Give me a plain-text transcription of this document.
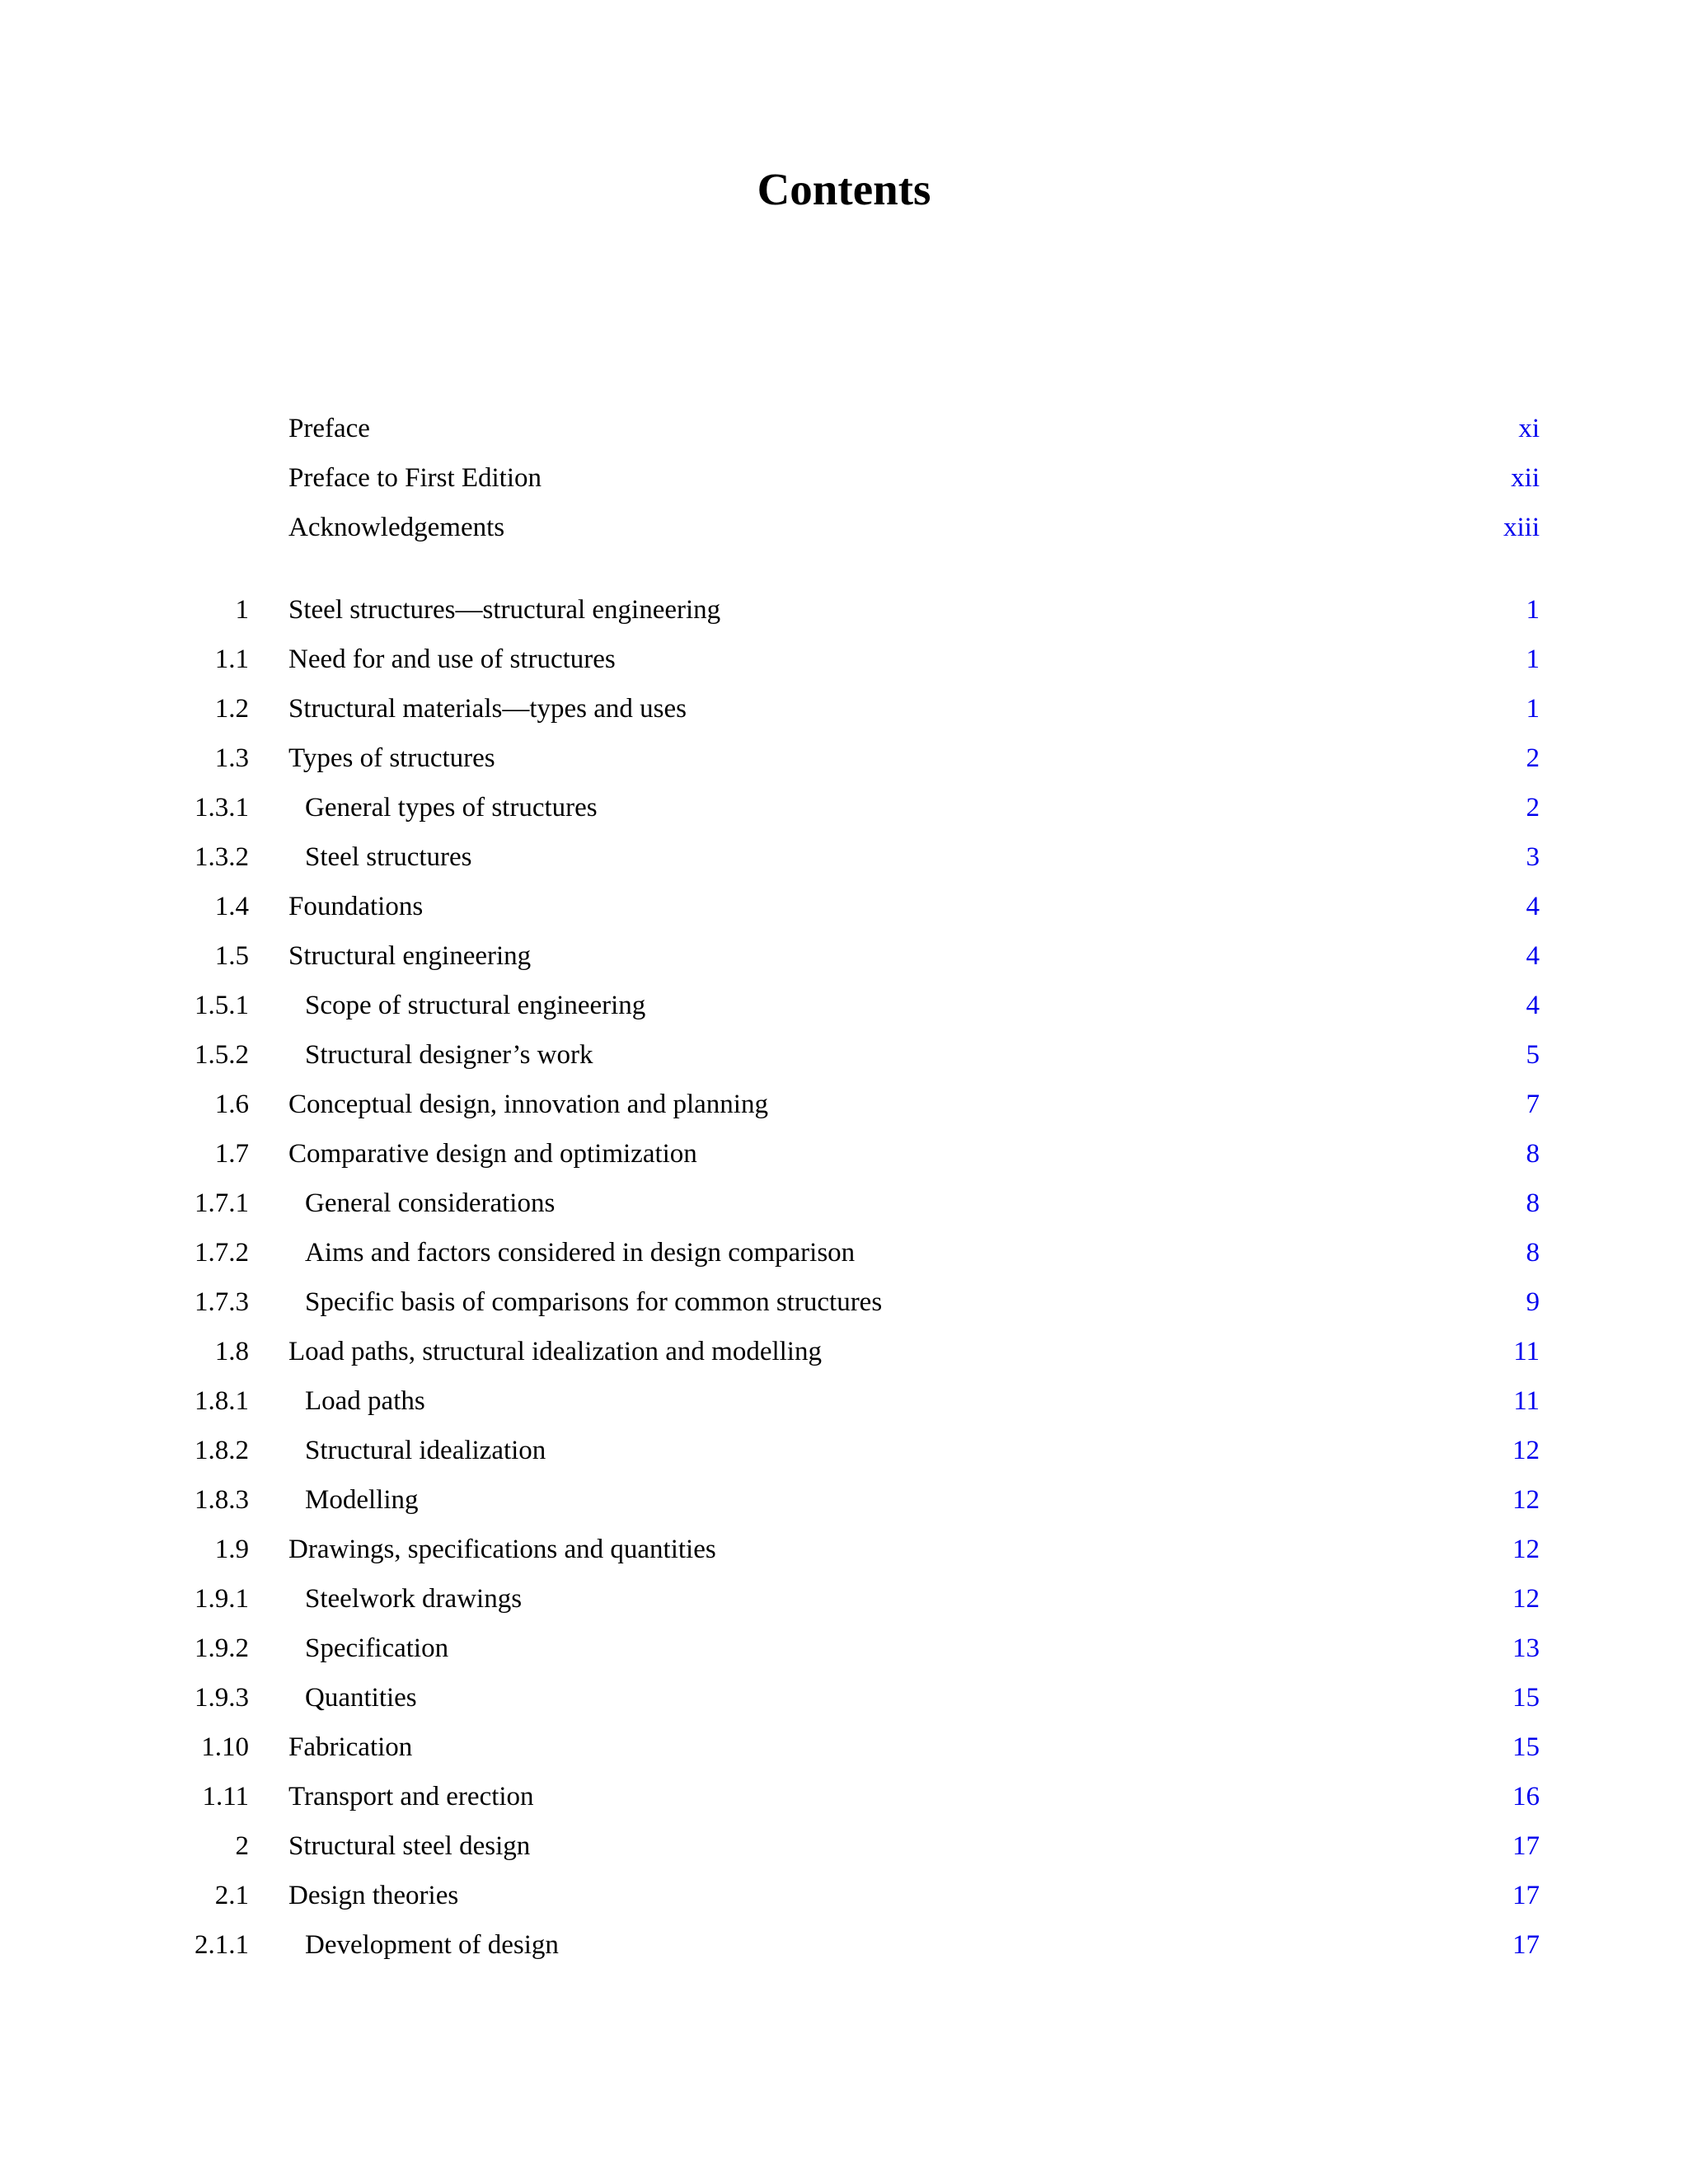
Contents
Preface	xi
Preface to First Edition	xii
Acknowledgements	xiii
1 Steel structures—structural engineering	1
1.1 Need for and use of structures	1
1.2 Structural materials—types and uses	1
1.3 Types of structures	2
1.3.1 General types of structures	2
1.3.2 Steel structures	3
1.4 Foundations	4
1.5 Structural engineering	4
1.5.1 Scope of structural engineering	4
1.5.2 Structural designer’s work	5
1.6 Conceptual design, innovation and planning	7
1.7 Comparative design and optimization	8
1.7.1 General considerations	8
1.7.2 Aims and factors considered in design comparison	8
1.7.3 Specific basis of comparisons for common structures	9
1.8 Load paths, structural idealization and modelling	11
1.8.1 Load paths	11
1.8.2 Structural idealization	12
1.8.3 Modelling	12
1.9 Drawings, specifications and quantities	12
1.9.1 Steelwork drawings	12
1.9.2 Specification	13
1.9.3 Quantities	15
1.10 Fabrication	15
1.11 Transport and erection	16
2 Structural steel design	17
2.1 Design theories	17
2.1.1 Development of design	17
